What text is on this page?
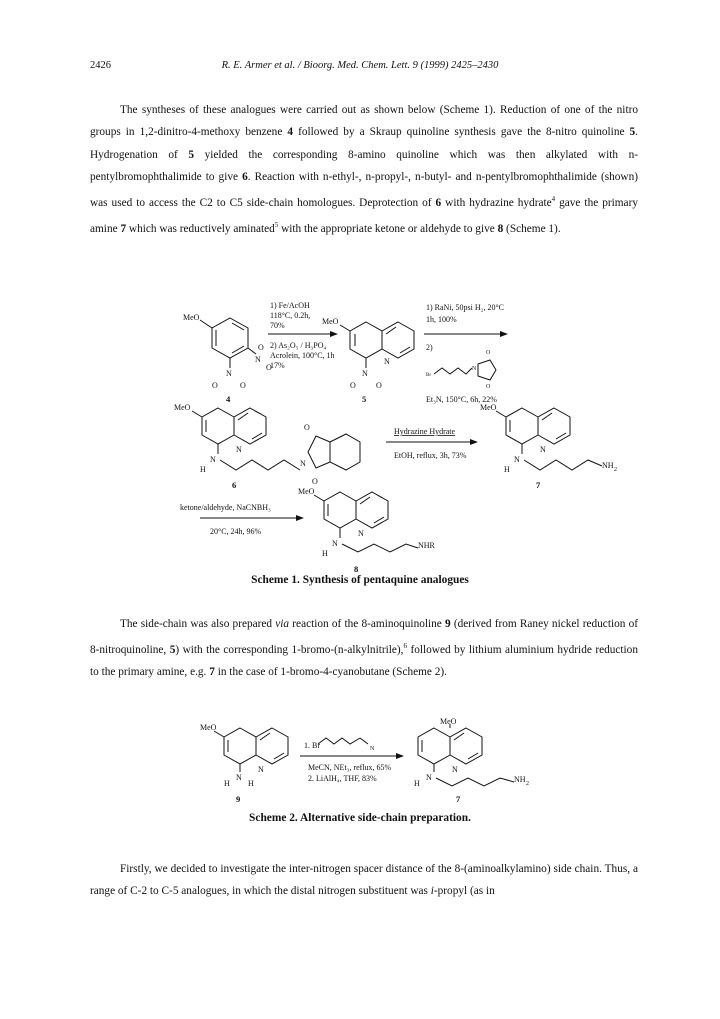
2426	R. E. Armer et al. / Bioorg. Med. Chem. Lett. 9 (1999) 2425–2430

The syntheses of these analogues were carried out as shown below (Scheme 1). Reduction of one of the nitro groups in 1,2-dinitro-4-methoxy benzene 4 followed by a Skraup quinoline synthesis gave the 8-nitro quinoline 5. Hydrogenation of 5 yielded the corresponding 8-amino quinoline which was then alkylated with n-pentylbromophthalimide to give 6. Reaction with n-ethyl-, n-propyl-, n-butyl- and n-pentylbromophthalimide (shown) was used to access the C2 to C5 side-chain homologues. Deprotection of 6 with hydrazine hydrate$^4$ gave the primary amine 7 which was reductively aminated$^5$ with the appropriate ketone or aldehyde to give 8 (Scheme 1).

MeO
N
O
O
N
O	O
4
1) Fe/AcOH
118°C, 0.2h,
70%
2) As₂O₅ / H₃PO₄
Acrolein, 100°C, 1h
17%
MeO
N
N
O	O
5
1) RaNi, 50psi H₂, 20°C
1h, 100%
2)
Br
N
O
O
Et₃N, 150°C, 6h, 22%
MeO
N
N
H
N
O
O
6
Hydrazine Hydrate
EtOH, reflux, 3h, 73%
MeO
N
N
H	NH 2
7
ketone/aldehyde, NaCNBH₃
20°C, 24h, 96%
MeO
N
N
H
NHR
8
Scheme 1. Synthesis of pentaquine analogues

The side-chain was also prepared via reaction of the 8-aminoquinoline 9 (derived from Raney nickel reduction of 8-nitroquinoline, 5) with the corresponding 1-bromo-(n-alkylnitrile),$^6$ followed by lithium aluminium hydride reduction to the primary amine, e.g. 7 in the case of 1-bromo-4-cyanobutane (Scheme 2).

MeO
N
N
H H
9
1. Br	N
MeCN, NEt₃, reflux, 65%
2. LiAlH₄, THF, 83%
MeO
N
N
H	NH 2
7
Scheme 2. Alternative side-chain preparation.

Firstly, we decided to investigate the inter-nitrogen spacer distance of the 8-(aminoalkylamino) side chain. Thus, a range of C-2 to C-5 analogues, in which the distal nitrogen substituent was i-propyl (as in
